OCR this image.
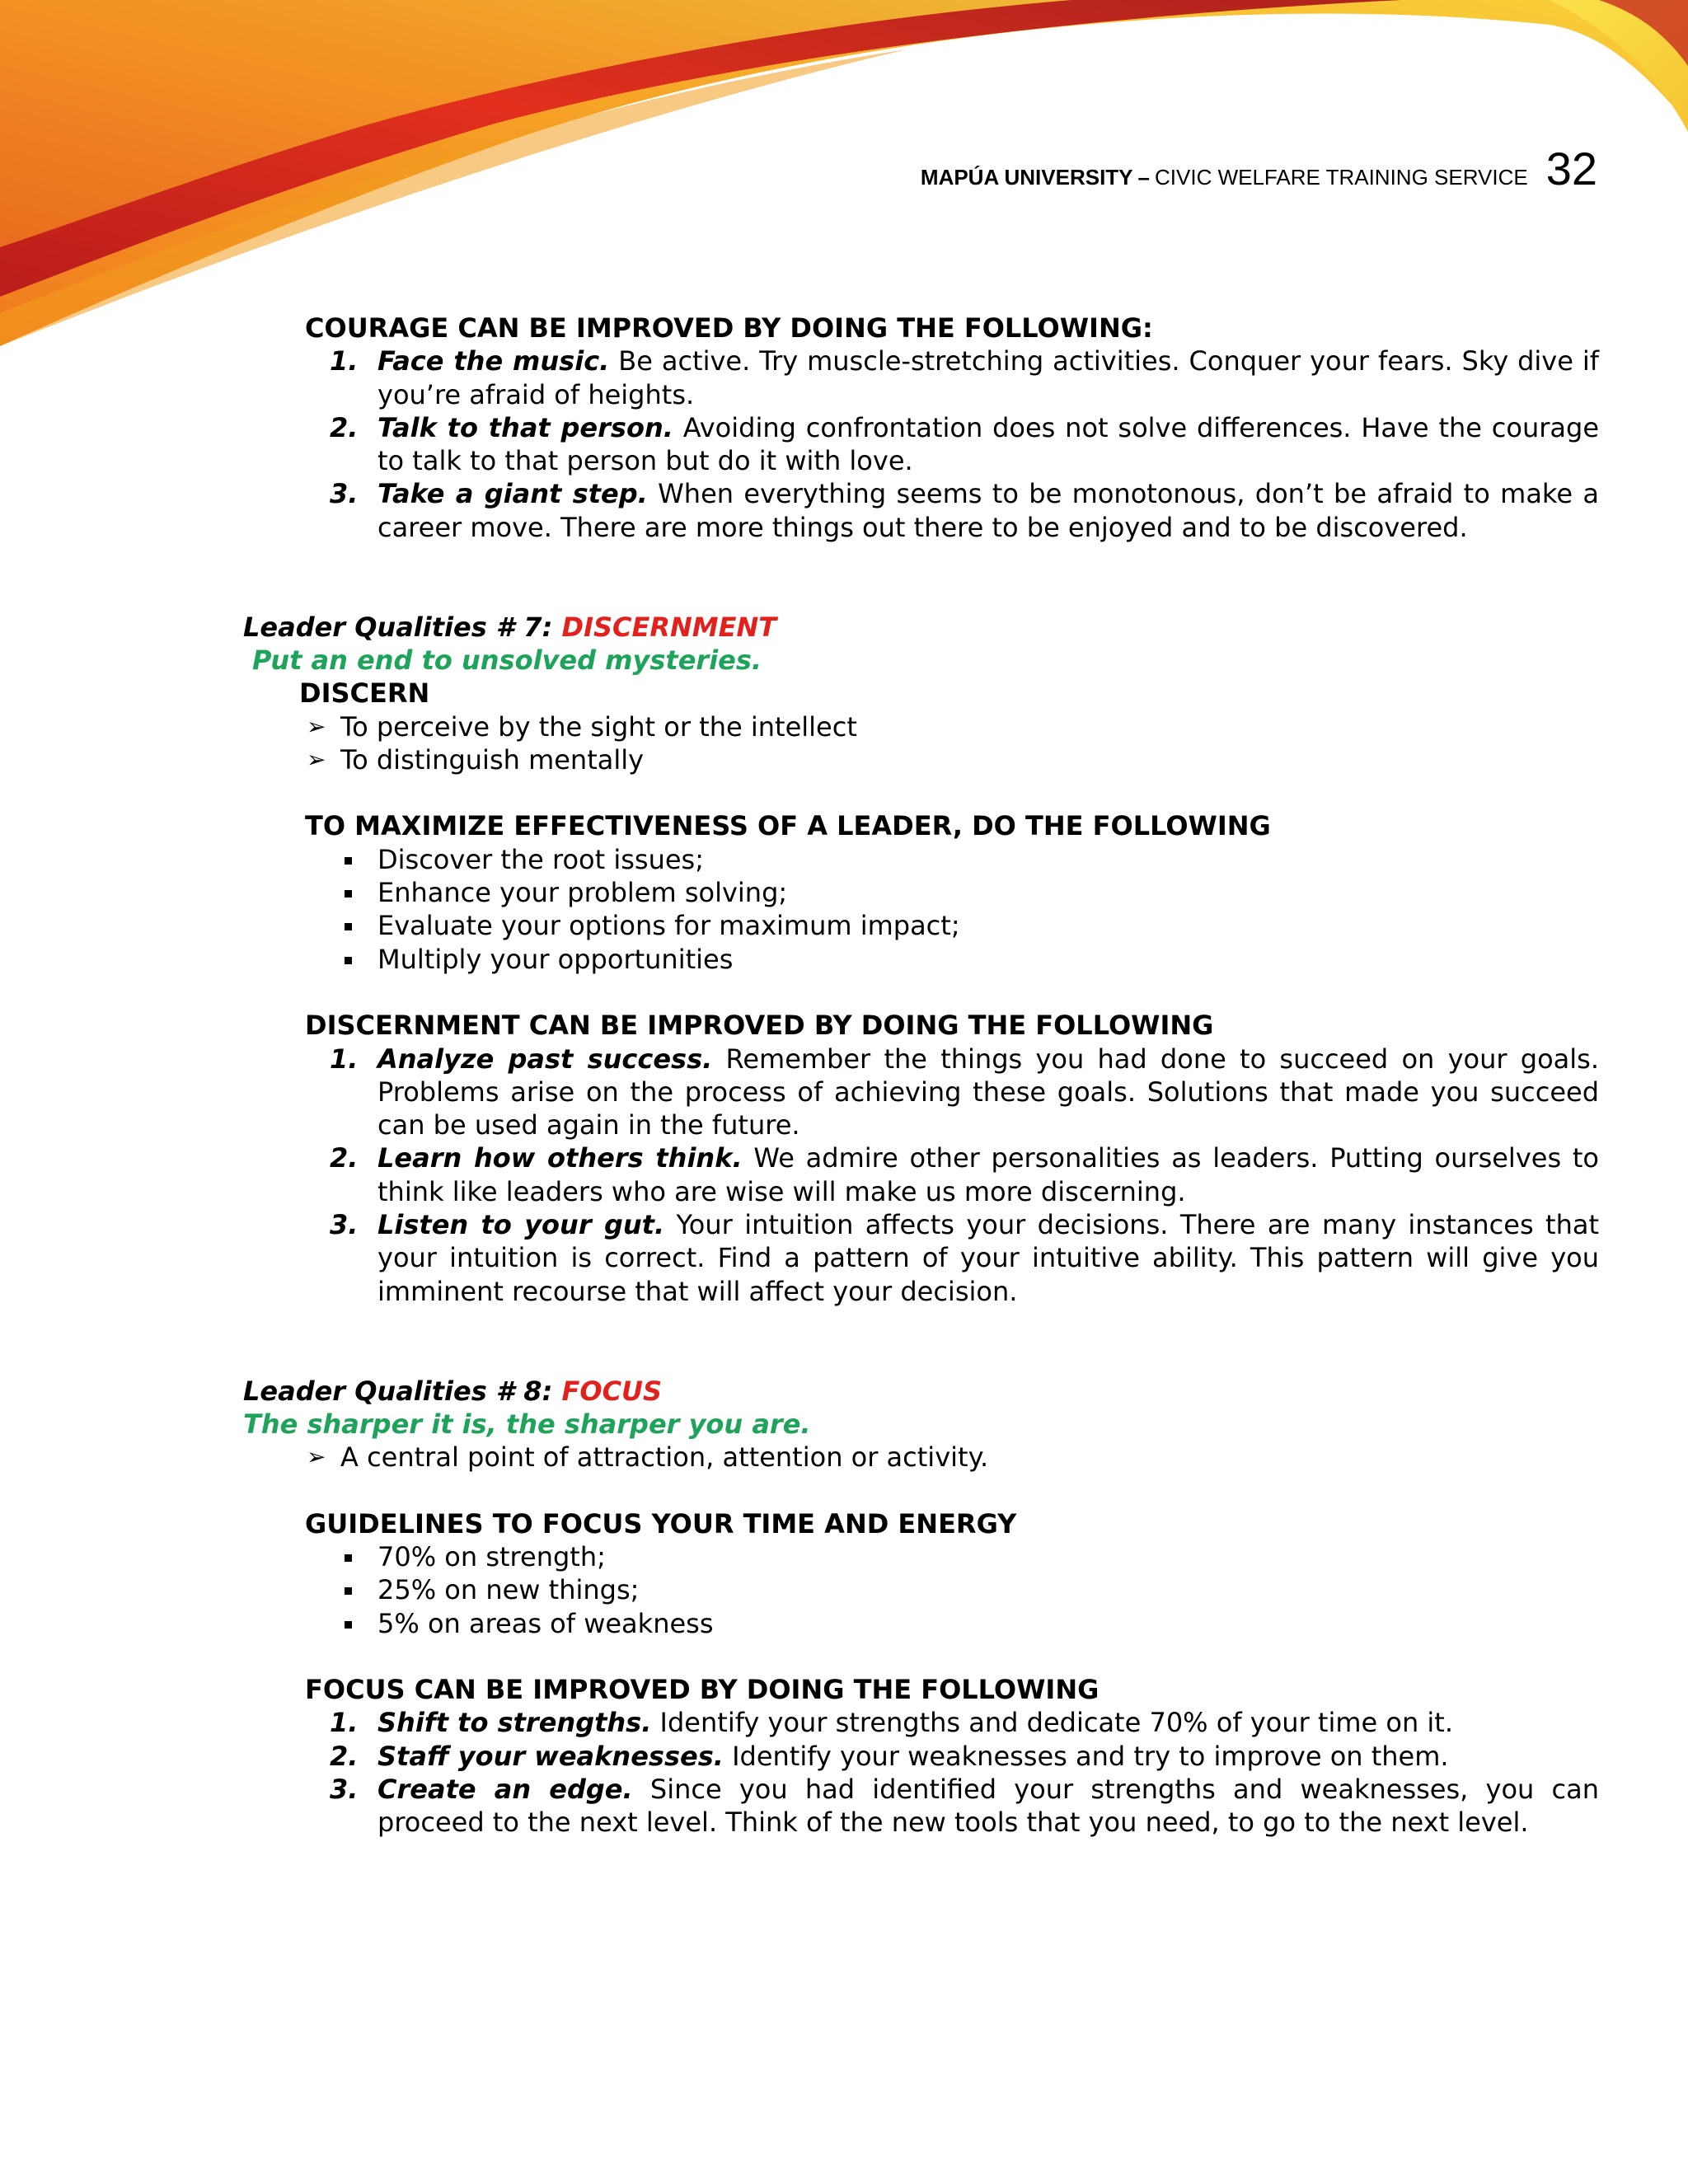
MAPÚA UNIVERSITY – CIVIC WELFARE TRAINING SERVICE 32
COURAGE CAN BE IMPROVED BY DOING THE FOLLOWING:
1. Face the music. Be active. Try muscle-stretching activities. Conquer your fears. Sky dive if you’re afraid of heights.
2. Talk to that person. Avoiding confrontation does not solve differences. Have the courage to talk to that person but do it with love.
3. Take a giant step. When everything seems to be monotonous, don’t be afraid to make a career move. There are more things out there to be enjoyed and to be discovered.
Leader Qualities # 7: DISCERNMENT
Put an end to unsolved mysteries.
DISCERN
➢ To perceive by the sight or the intellect
➢ To distinguish mentally
TO MAXIMIZE EFFECTIVENESS OF A LEADER, DO THE FOLLOWING
Discover the root issues;
Enhance your problem solving;
Evaluate your options for maximum impact;
Multiply your opportunities
DISCERNMENT CAN BE IMPROVED BY DOING THE FOLLOWING
1. Analyze past success. Remember the things you had done to succeed on your goals. Problems arise on the process of achieving these goals. Solutions that made you succeed can be used again in the future.
2. Learn how others think. We admire other personalities as leaders. Putting ourselves to think like leaders who are wise will make us more discerning.
3. Listen to your gut. Your intuition affects your decisions. There are many instances that your intuition is correct. Find a pattern of your intuitive ability. This pattern will give you imminent recourse that will affect your decision.
Leader Qualities # 8: FOCUS
The sharper it is, the sharper you are.
➢ A central point of attraction, attention or activity.
GUIDELINES TO FOCUS YOUR TIME AND ENERGY
70% on strength;
25% on new things;
5% on areas of weakness
FOCUS CAN BE IMPROVED BY DOING THE FOLLOWING
1. Shift to strengths. Identify your strengths and dedicate 70% of your time on it.
2. Staff your weaknesses. Identify your weaknesses and try to improve on them.
3. Create an edge. Since you had identified your strengths and weaknesses, you can proceed to the next level. Think of the new tools that you need, to go to the next level.
